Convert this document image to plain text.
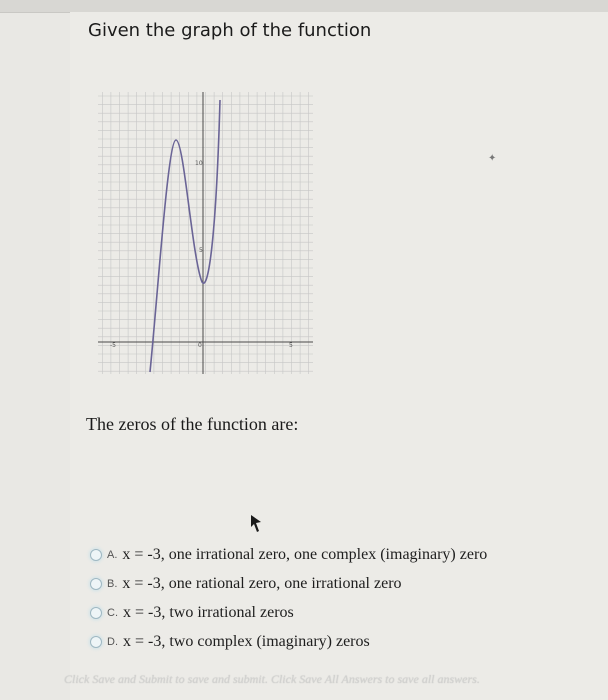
Given the graph of the function
10
5
-5	0	5
✦
The zeros of the function are:
A. x = -3, one irrational zero, one complex (imaginary) zero
B. x = -3, one rational zero, one irrational zero
C. x = -3, two irrational zeros
D. x = -3, two complex (imaginary) zeros
Click Save and Submit to save and submit. Click Save All Answers to save all answers.
